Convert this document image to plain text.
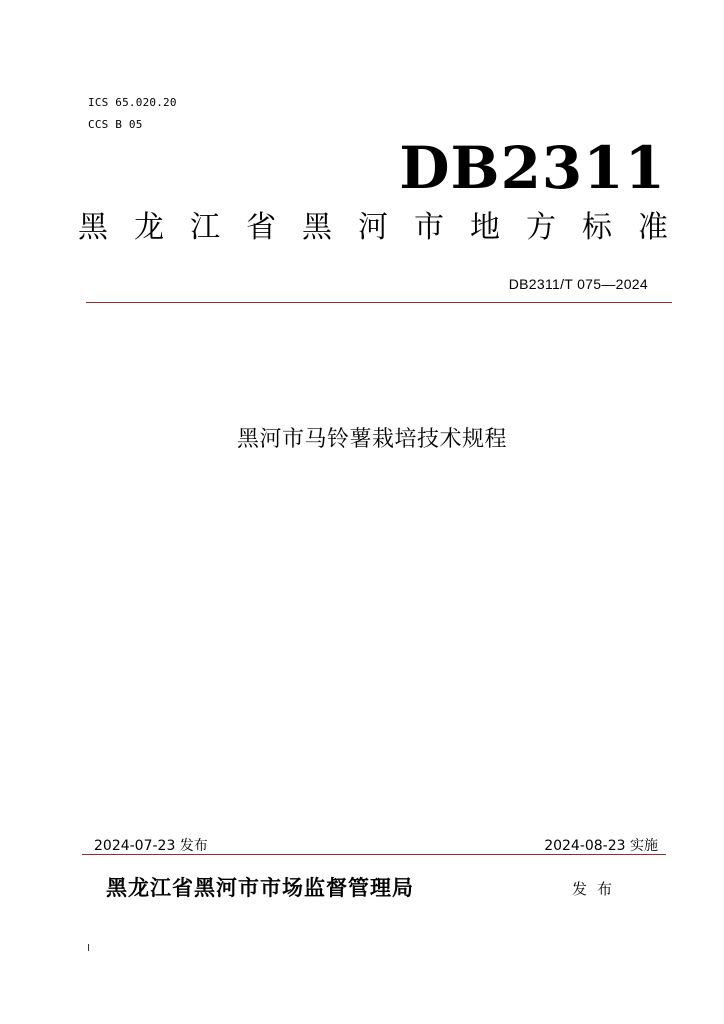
ICS 65.020.20
CCS B 05
DB2311
黑龙江省黑河市地方标准
DB2311/T 075—2024
黑河市马铃薯栽培技术规程
2024-07-23 发布	2024-08-23 实施
黑龙江省黑河市市场监督管理局	发布
